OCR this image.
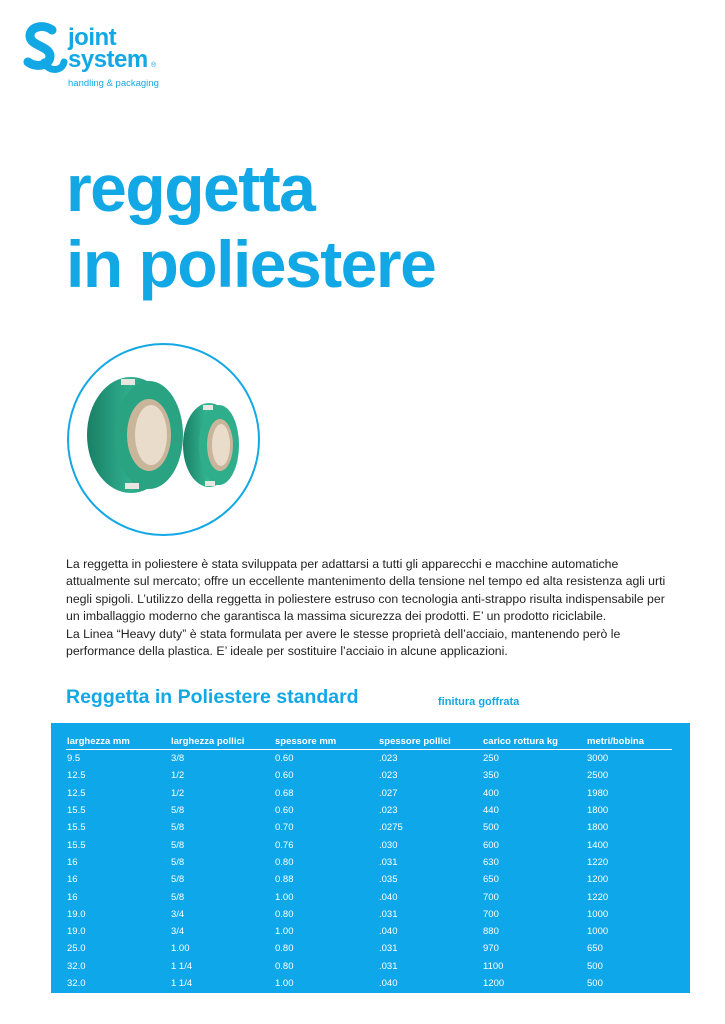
joint
system ®
handling & packaging
reggetta
in poliestere

La reggetta in poliestere è stata sviluppata per adattarsi a tutti gli apparecchi e macchine automatiche attualmente sul mercato; offre un eccellente mantenimento della tensione nel tempo ed alta resistenza agli urti negli spigoli. L’utilizzo della reggetta in poliestere estruso con tecnologia anti-strappo risulta indispensabile per un imballaggio moderno che garantisca la massima sicurezza dei prodotti. E’ un prodotto riciclabile.

La Linea “Heavy duty” è stata formulata per avere le stesse proprietà dell’acciaio, mantenendo però le performance della plastica. E’ ideale per sostituire l’acciaio in alcune applicazioni.

Reggetta in Poliestere standard	finitura goffrata
larghezza mm	larghezza pollici	spessore mm	spessore pollici	carico rottura kg	metri/bobina
9.5	3/8	0.60	.023	250	3000
12.5	1/2	0.60	.023	350	2500
12.5	1/2	0.68	.027	400	1980
15.5	5/8	0.60	.023	440	1800
15.5	5/8	0.70	.0275	500	1800
15.5	5/8	0.76	.030	600	1400
16	5/8	0.80	.031	630	1220
16	5/8	0.88	.035	650	1200
16	5/8	1.00	.040	700	1220
19.0	3/4	0.80	.031	700	1000
19.0	3/4	1.00	.040	880	1000
25.0	1.00	0.80	.031	970	650
32.0	1 1/4	0.80	.031	1100	500
32.0	1 1/4	1.00	.040	1200	500
